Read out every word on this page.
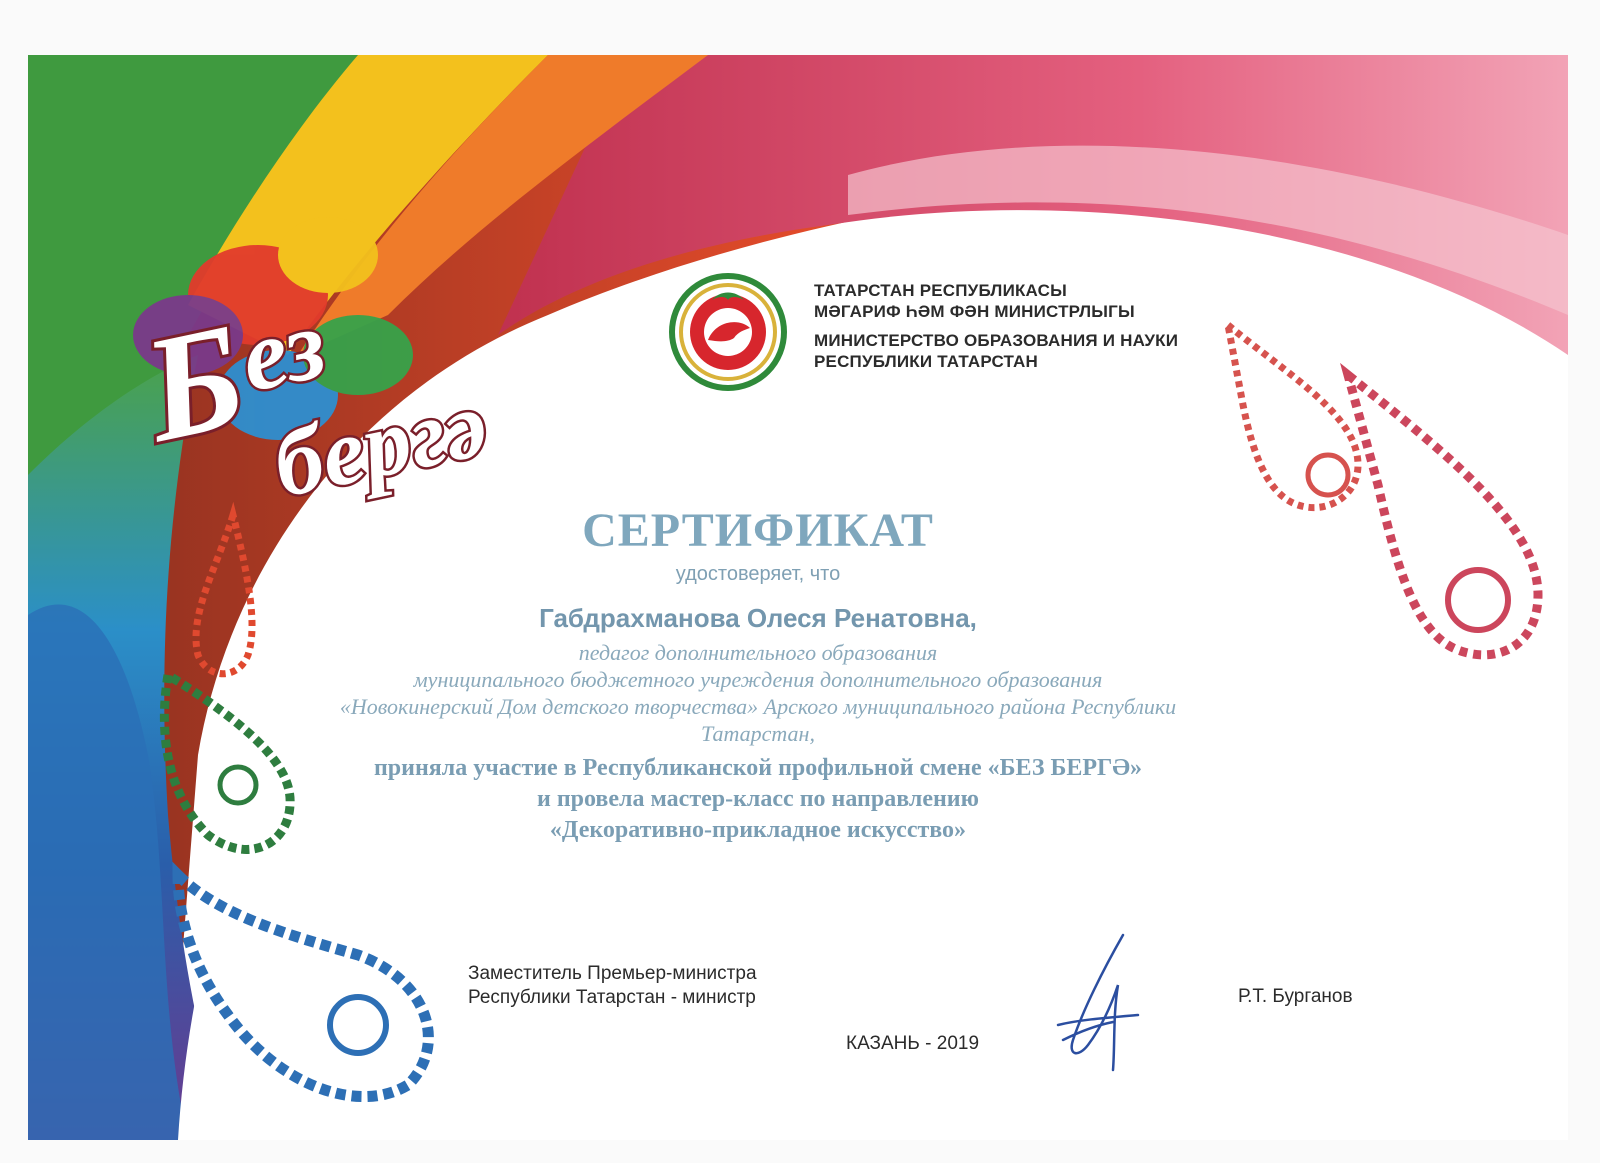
Б
ез
бергә
ТАТАРСТАН РЕСПУБЛИКАСЫ
МӘГАРИФ ҺӘМ ФӘН МИНИСТРЛЫГЫ
МИНИСТЕРСТВО ОБРАЗОВАНИЯ И НАУКИ
РЕСПУБЛИКИ ТАТАРСТАН
СЕРТИФИКАТ
удостоверяет, что
Габдрахманова Олеся Ренатовна,
педагог дополнительного образования
муниципального бюджетного учреждения дополнительного образования
«Новокинерский Дом детского творчества» Арского муниципального района Республики
Татарстан,
приняла участие в Республиканской профильной смене «БЕЗ БЕРГӘ»
и провела мастер-класс по направлению
«Декоративно-прикладное искусство»
Заместитель Премьер-министра
Республики Татарстан - министр	Р.Т. Бурганов
КАЗАНЬ - 2019
